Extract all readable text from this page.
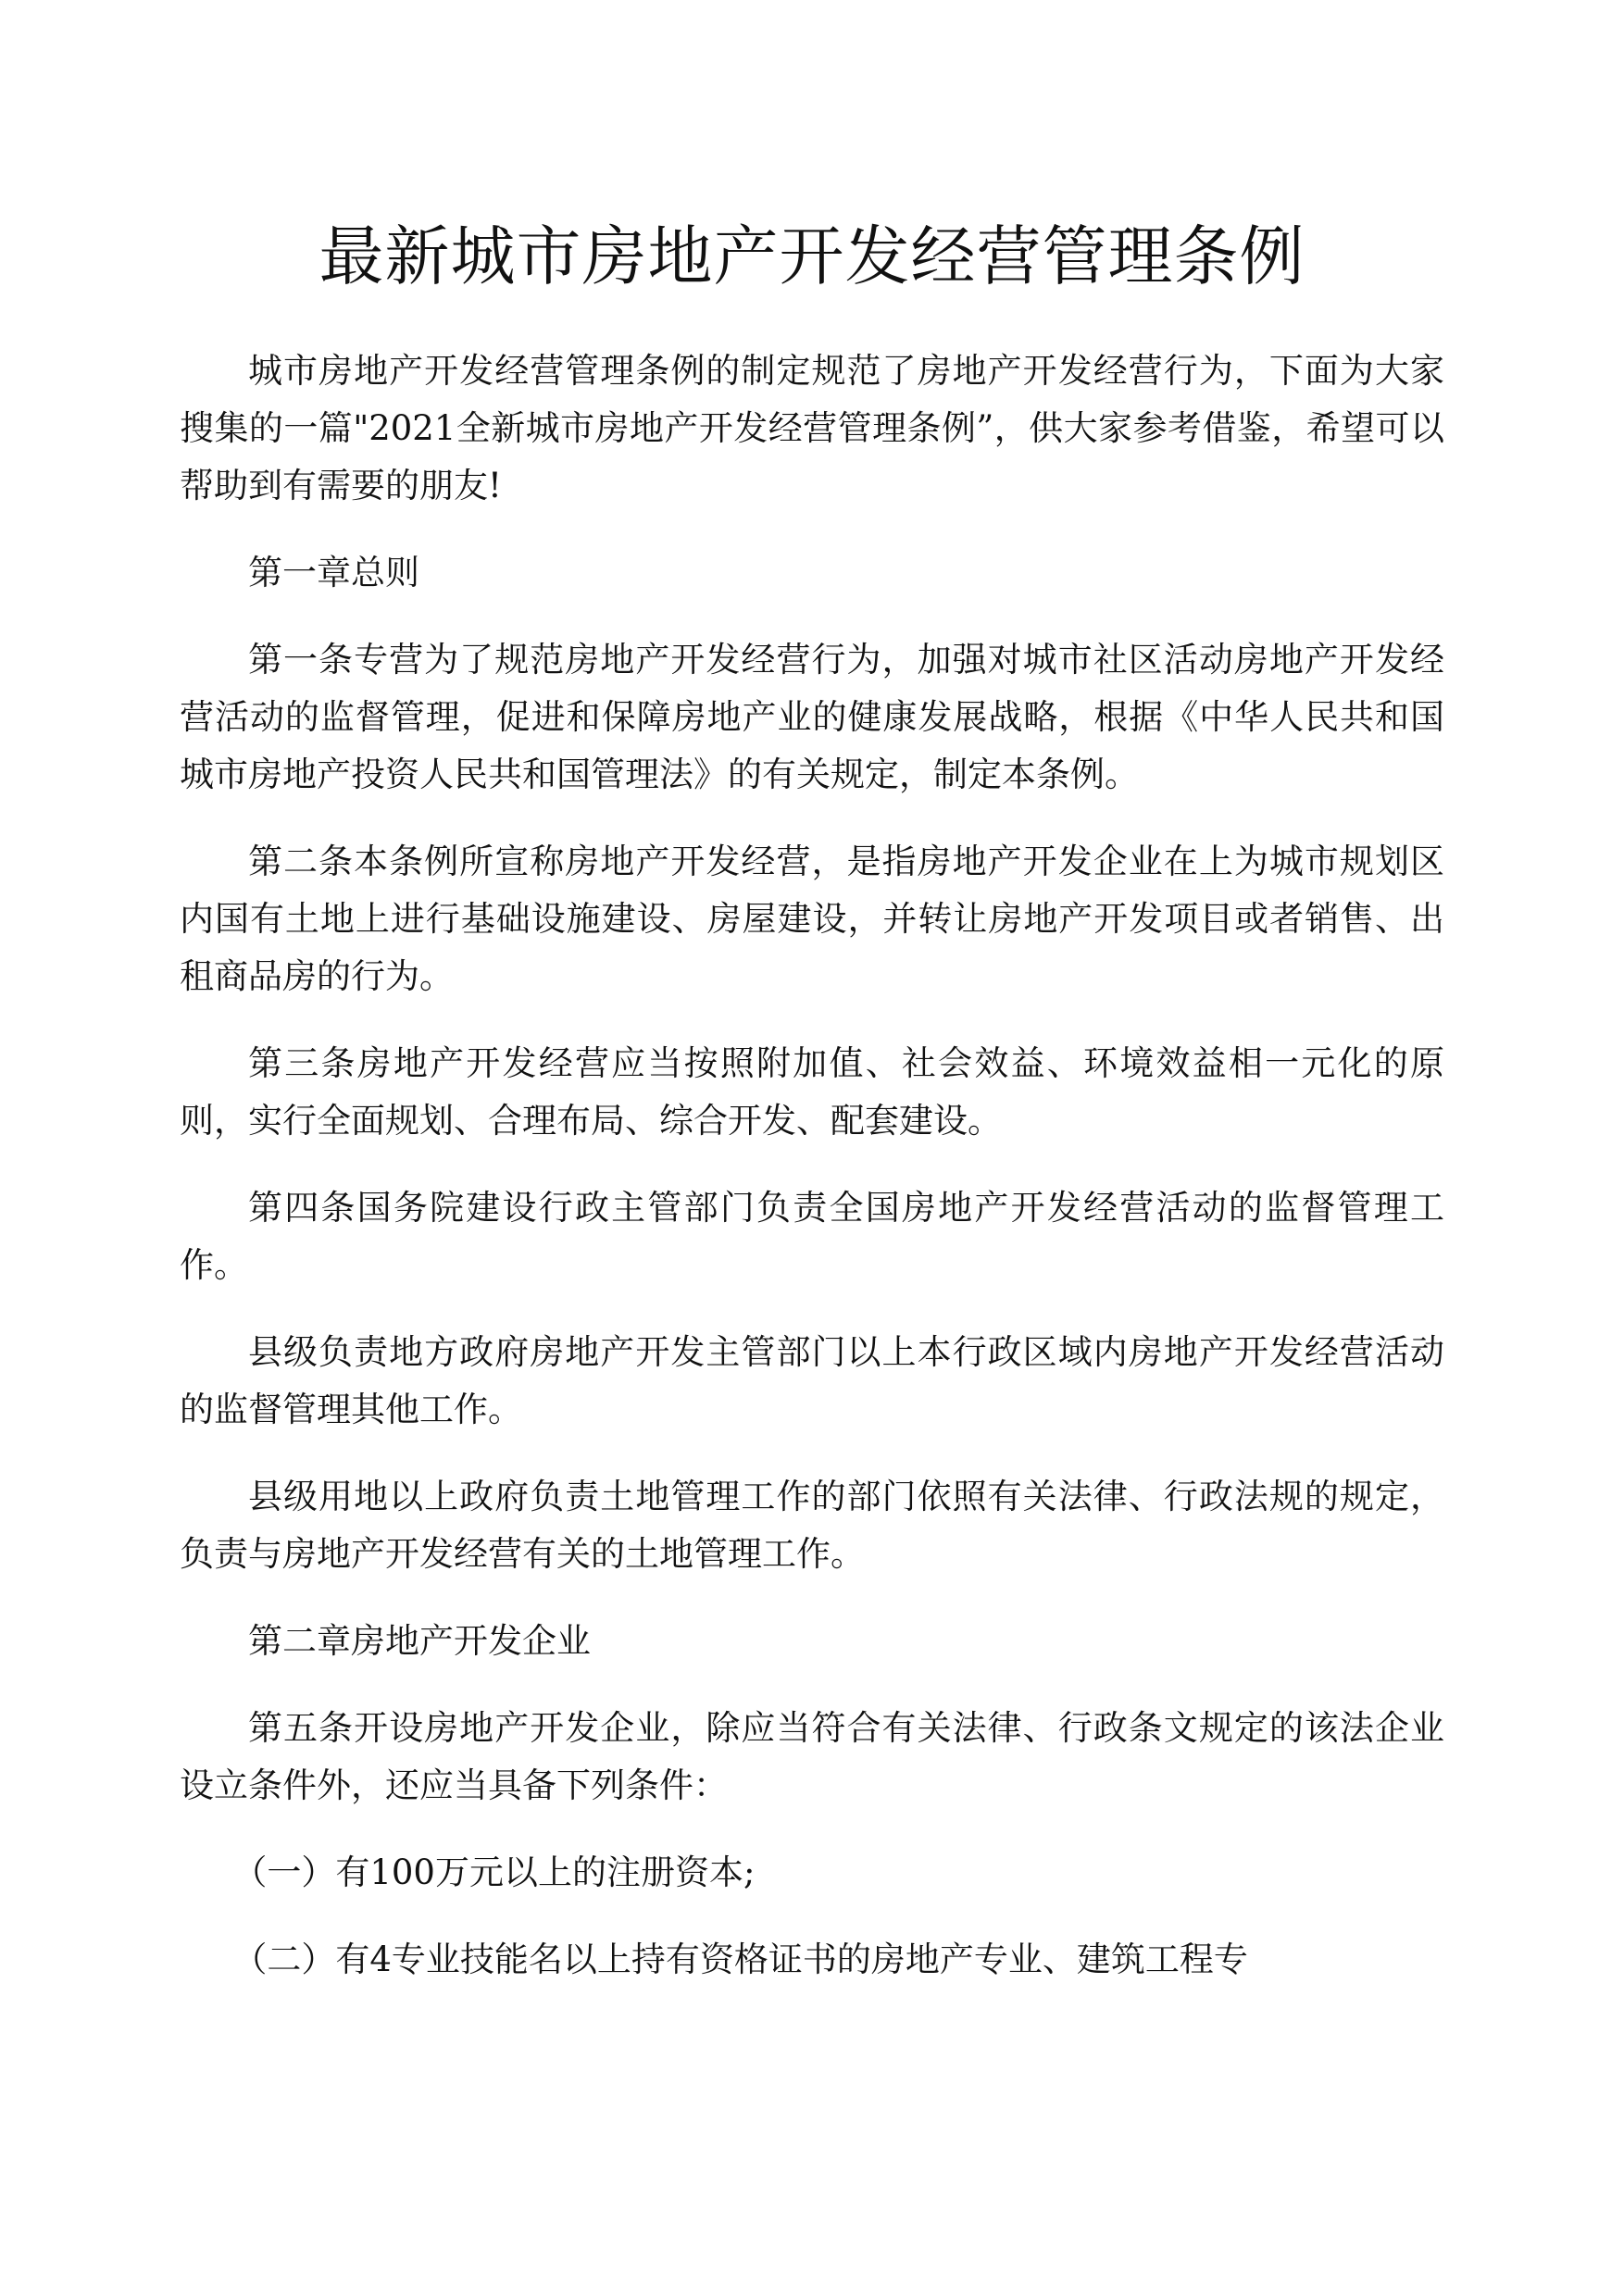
最新城市房地产开发经营管理条例

城市房地产开发经营管理条例的制定规范了房地产开发经营行为，下面为大家搜集的一篇"2021全新城市房地产开发经营管理条例”，供大家参考借鉴，希望可以帮助到有需要的朋友!

第一章总则

第一条专营为了规范房地产开发经营行为，加强对城市社区活动房地产开发经营活动的监督管理，促进和保障房地产业的健康发展战略，根据《中华人民共和国城市房地产投资人民共和国管理法》的有关规定，制定本条例。

第二条本条例所宣称房地产开发经营，是指房地产开发企业在上为城市规划区内国有土地上进行基础设施建设、房屋建设，并转让房地产开发项目或者销售、出租商品房的行为。

第三条房地产开发经营应当按照附加值、社会效益、环境效益相一元化的原则，实行全面规划、合理布局、综合开发、配套建设。

第四条国务院建设行政主管部门负责全国房地产开发经营活动的监督管理工作。

县级负责地方政府房地产开发主管部门以上本行政区域内房地产开发经营活动的监督管理其他工作。

县级用地以上政府负责土地管理工作的部门依照有关法律、行政法规的规定，负责与房地产开发经营有关的土地管理工作。

第二章房地产开发企业

第五条开设房地产开发企业，除应当符合有关法律、行政条文规定的该法企业设立条件外，还应当具备下列条件：

（一）有100万元以上的注册资本;

（二）有4专业技能名以上持有资格证书的房地产专业、建筑工程专
